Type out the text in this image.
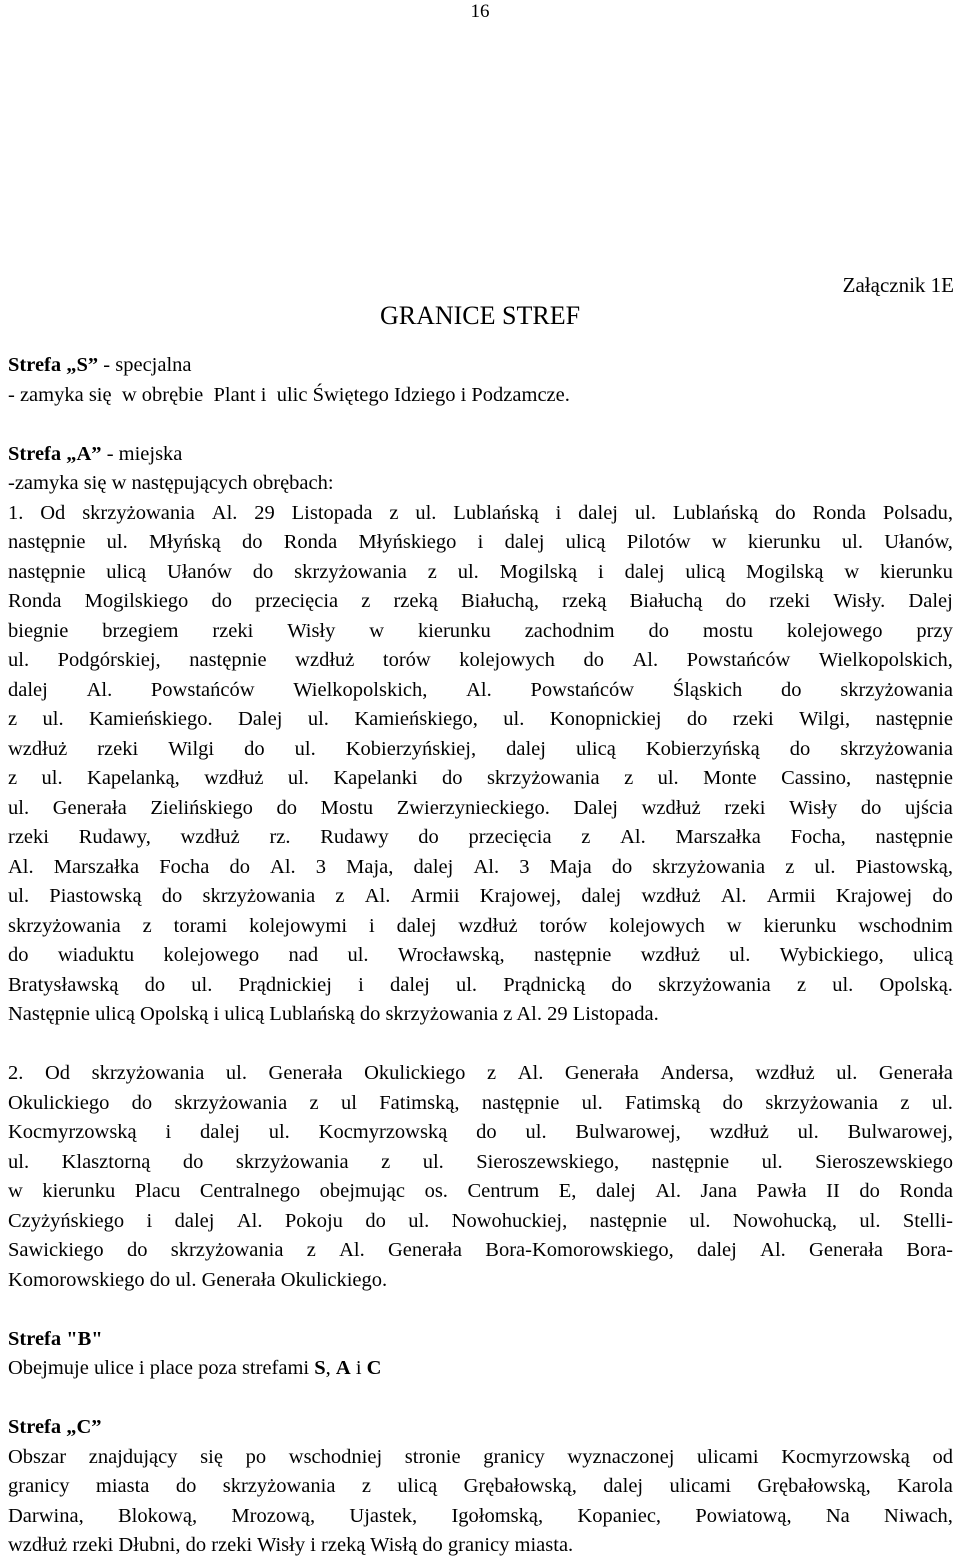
16
Załącznik 1E
GRANICE STREF
Strefa „S” - specjalna
- zamyka się  w obrębie  Plant i  ulic Świętego Idziego i Podzamcze.
Strefa „A” - miejska
-zamyka się w następujących obrębach:
1. Od skrzyżowania Al. 29 Listopada z ul. Lublańską i dalej ul. Lublańską do Ronda Polsadu,
następnie ul. Młyńską do Ronda Młyńskiego i dalej ulicą Pilotów w kierunku ul. Ułanów,
następnie ulicą Ułanów do skrzyżowania z ul. Mogilską i dalej ulicą Mogilską w kierunku
Ronda Mogilskiego do przecięcia z rzeką Białuchą, rzeką Białuchą do rzeki Wisły. Dalej
biegnie brzegiem rzeki Wisły w kierunku zachodnim do mostu kolejowego przy
ul. Podgórskiej, następnie wzdłuż torów kolejowych do Al. Powstańców Wielkopolskich,
dalej Al. Powstańców Wielkopolskich, Al. Powstańców Śląskich do skrzyżowania
z ul. Kamieńskiego. Dalej ul. Kamieńskiego, ul. Konopnickiej do rzeki Wilgi, następnie
wzdłuż rzeki Wilgi do ul. Kobierzyńskiej, dalej ulicą Kobierzyńską do skrzyżowania
z ul. Kapelanką, wzdłuż ul. Kapelanki do skrzyżowania z ul. Monte Cassino, następnie
ul. Generała Zielińskiego do Mostu Zwierzynieckiego. Dalej wzdłuż rzeki Wisły do ujścia
rzeki Rudawy, wzdłuż rz. Rudawy do przecięcia z Al. Marszałka Focha, następnie
Al. Marszałka Focha do Al. 3 Maja, dalej Al. 3 Maja do skrzyżowania z ul. Piastowską,
ul. Piastowską do skrzyżowania z Al. Armii Krajowej, dalej wzdłuż Al. Armii Krajowej do
skrzyżowania z torami kolejowymi i dalej wzdłuż torów kolejowych w kierunku wschodnim
do wiaduktu kolejowego nad ul. Wrocławską, następnie wzdłuż ul. Wybickiego, ulicą
Bratysławską do ul. Prądnickiej i dalej ul. Prądnicką do skrzyżowania z ul. Opolską.
Następnie ulicą Opolską i ulicą Lublańską do skrzyżowania z Al. 29 Listopada.
2. Od skrzyżowania ul. Generała Okulickiego z Al. Generała Andersa, wzdłuż ul. Generała
Okulickiego do skrzyżowania z ul Fatimską, następnie ul. Fatimską do skrzyżowania z ul.
Kocmyrzowską i dalej ul. Kocmyrzowską do ul. Bulwarowej, wzdłuż ul. Bulwarowej,
ul. Klasztorną do skrzyżowania z ul. Sieroszewskiego, następnie ul. Sieroszewskiego
w kierunku Placu Centralnego obejmując os. Centrum E, dalej Al. Jana Pawła II do Ronda
Czyżyńskiego i dalej Al. Pokoju do ul. Nowohuckiej, następnie ul. Nowohucką, ul. Stelli-
Sawickiego do skrzyżowania z Al. Generała Bora-Komorowskiego, dalej Al. Generała Bora-
Komorowskiego do ul. Generała Okulickiego.
Strefa "B"
Obejmuje ulice i place poza strefami S, A i C
Strefa „C”
Obszar znajdujący się po wschodniej stronie granicy wyznaczonej ulicami Kocmyrzowską od
granicy miasta do skrzyżowania z ulicą Grębałowską, dalej ulicami Grębałowską, Karola
Darwina, Blokową, Mrozową, Ujastek, Igołomską, Kopaniec, Powiatową, Na Niwach,
wzdłuż rzeki Dłubni, do rzeki Wisły i rzeką Wisłą do granicy miasta.
